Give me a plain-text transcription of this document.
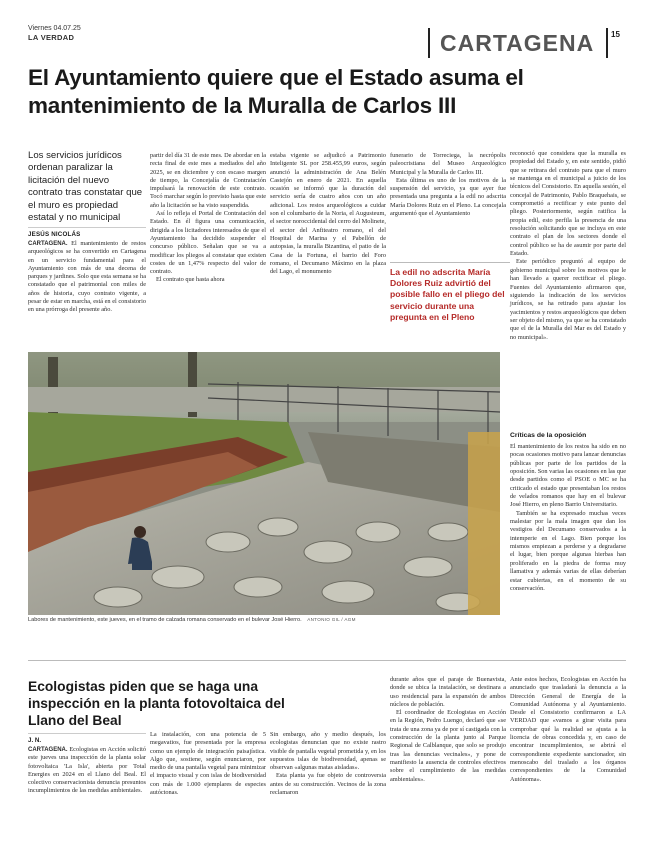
Viernes 04.07.25
LA VERDAD	CARTAGENA 15
El Ayuntamiento quiere que el Estado asuma el mantenimiento de la Muralla de Carlos III
Los servicios jurídicos ordenan paralizar la licitación del nuevo contrato tras constatar que el muro es propiedad estatal y no municipal
JESÚS NICOLÁS

CARTAGENA. El mantenimiento de restos arqueológicos se ha convertido en Cartagena en un servicio fundamental para el Ayuntamiento con más de una decena de parques y jardines. Solo que esta semana se ha constatado que el patrimonial con miles de años de historia, cuyo contrato vigente, a pesar de estar en marcha, está en el consistorio en una prórroga del presente año.

partir del día 31 de este mes. De abordar en la recta final de este mes a mediados del año 2025, se en diciembre y con escaso margen de tiempo, la Concejalía de Contratación impulsará la renovación de este contrato. Tocó marchar según lo previsto hasta que este año la licitación se ha visto suspendida.

Así lo refleja el Portal de Contratación del Estado. En él figura una comunicación, dirigida a los licitadores interesados de que el Ayuntamiento ha decidido suspender el concurso público. Señalan que se va a modificar los pliegos al constatar que existen costes de un 1,47% respecto del valor de contrato.

El contrato que hasta ahora

estaba vigente se adjudicó a Patrimonio Inteligente SL por 258.455,99 euros, según anunció la administración de Ana Belén Castejón en enero de 2021. En aquella ocasión se informó que la duración del servicio sería de cuatro años con un año adicional. Los restos arqueológicos a cuidar son el columbario de la Noria, el Augusteum, el sector noroccidental del cerro del Molinete, el sector del Anfiteatro romano, el del Hospital de Marina y el Pabellón de autopsias, la muralla Bizantina, el patio de la Casa de la Fortuna, el barrio del Foro romano, el Decumano Máximo en la plaza del Lago, el monumento

funerario de Torreciega, la necrópolis paleocristiana del Museo Arqueológico Municipal y la Muralla de Carlos III.

Esta última es uno de los motivos de la suspensión del servicio, ya que ayer fue presentada una pregunta a la edil no adscrita María Dolores Ruiz en el Pleno. La concejala argumentó que el Ayuntamiento

La edil no adscrita María Dolores Ruiz advirtió del posible fallo en el pliego del servicio durante una pregunta en el Pleno
Labores de mantenimiento, este jueves, en el tramo de calzada romana conservado en el bulevar José Hierro. ANTONIO GIL / AGM

reconoció que considera que la muralla es propiedad del Estado y, en este sentido, pidió que se retirara del contrato para que el muro se mantenga en el municipal a juicio de los técnicos del Consistorio. En aquella sesión, el concejal de Patrimonio, Pablo Braquehais, se comprometió a rectificar y este punto del pliego. Posteriormente, según ratifica la propia edil, esto perfila la presencia de una resolución solicitando que se incluya en este contrato el plan de los sectores donde el control público se ha de asumir por parte del Estado.

Este periódico preguntó al equipo de gobierno municipal sobre los motivos que le han llevado a querer rectificar el pliego. Fuentes del Ayuntamiento afirmaron que, siguiendo la indicación de los servicios jurídicos, se ha retirado para ajustar los yacimientos y restos arqueológicos que deben ser objeto del mismo, ya que se ha constatado que el de la Muralla del Mar es del Estado y no municipal».

Críticas de la oposición

El mantenimiento de los restos ha sido en no pocas ocasiones motivo para lanzar denuncias públicas por parte de los partidos de la oposición. Son varias las ocasiones en las que desde partidos como el PSOE o MC se ha criticado el estado que presentaban los restos de velados romanos que hay en el bulevar José Hierro, en pleno Barrio Universitario.

También se ha expresado muchas veces malestar por la mala imagen que dan los vestigios del Decumano conservados a la intemperie en el Lago. Bien porque los mismos empiezan a perderse y a degradarse el lugar, bien porque algunas hierbas han proliferado en la piedra de forma muy llamativa y además varias de ellas deberían estar cubiertas, en el momento de su conservación.

Ecologistas piden que se haga una inspección en la planta fotovoltaica del Llano del Beal
J. N.

CARTAGENA. Ecologistas en Acción solicitó este jueves una inspección de la planta solar fotovoltaica 'La Isla', abierta por Total Energies en 2024 en el Llano del Beal. El colectivo conservacionista denuncia presuntos incumplimientos de las medidas ambientales.

La instalación, con una potencia de 5 megavatios, fue presentada por la empresa como un ejemplo de integración paisajística. Algo que, sostiene, según enunciaron, por medio de una pantalla vegetal para minimizar el impacto visual y con islas de biodiversidad con más de 1.000 ejemplares de especies autóctonas.

Sin embargo, año y medio después, los ecologistas denuncian que no existe rastro visible de pantalla vegetal prometida y, en los supuestos islas de biodiversidad, apenas se observan «algunas matas aisladas».

Esta planta ya fue objeto de controversia antes de su construcción. Vecinos de la zona reclamaron

durante años que el paraje de Buenavista, donde se ubica la instalación, se destinara a uso residencial para la expansión de ambos núcleos de población.

El coordinador de Ecologistas en Acción en la Región, Pedro Luengo, declaró que «se trata de una zona ya de por sí castigada con la construcción de la planta junto al Parque Regional de Calblanque, que solo se produjo tras las denuncias vecinales», y pone de manifiesto la ausencia de controles efectivos sobre el cumplimiento de las medidas ambientales».

Ante estos hechos, Ecologistas en Acción ha anunciado que trasladará la denuncia a la Dirección General de Energía de la Comunidad Autónoma y al Ayuntamiento. Desde el Consistorio confirmaron a LA VERDAD que «vamos a girar visita para comprobar qué la realidad se ajusta a la licencia de obras concedida y, en caso de encontrar incumplimientos, se abrirá el correspondiente expediente sancionador, sin menoscabo del traslado a los órganos correspondientes de la Comunidad Autónoma».
